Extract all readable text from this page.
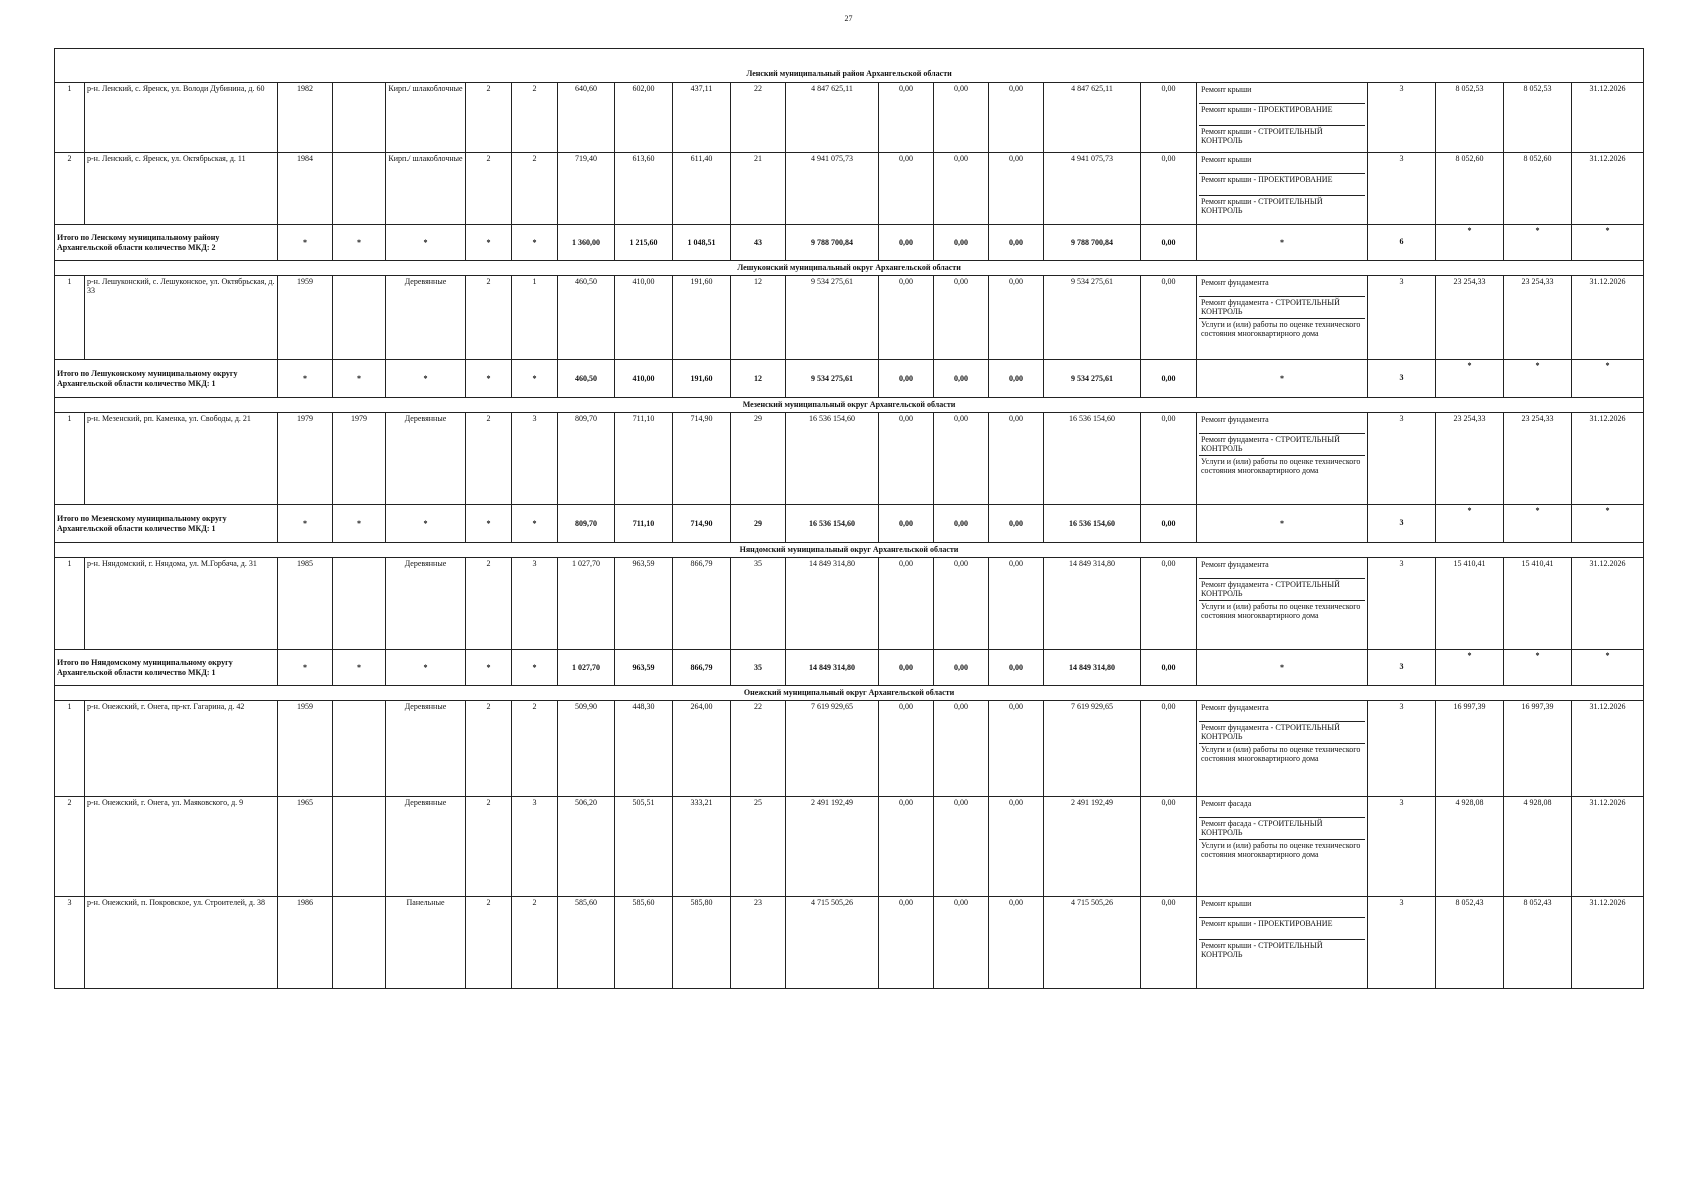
27
Ленский муниципальный район Архангельской области																					
1	р-н. Ленский, с. Яренск, ул. Володи Дубинина, д. 60	1982		Кирп./ шлакоблочные	2	2	640,60	602,00	437,11	22	4 847 625,11	0,00	0,00	0,00	4 847 625,11	0,00	Ремонт крыши
Ремонт крыши - ПРОЕКТИРОВАНИЕ
Ремонт крыши - СТРОИТЕЛЬНЫЙ КОНТРОЛЬ	3	8 052,53	8 052,53	31.12.2026
2	р-н. Ленский, с. Яренск, ул. Октябрьская, д. 11	1984		Кирп./ шлакоблочные	2	2	719,40	613,60	611,40	21	4 941 075,73	0,00	0,00	0,00	4 941 075,73	0,00	Ремонт крыши
Ремонт крыши - ПРОЕКТИРОВАНИЕ
Ремонт крыши - СТРОИТЕЛЬНЫЙ КОНТРОЛЬ	3	8 052,60	8 052,60	31.12.2026
Итого по Ленскому муниципальному району Архангельской области количество МКД: 2		*	*	*	*	*	1 360,00	1 215,60	1 048,51	43	9 788 700,84	0,00	0,00	0,00	9 788 700,84	0,00	*	6	*	*	*
Лешуконский муниципальный округ Архангельской области																					
1	р-н. Лешуконский, с. Лешуконское, ул. Октябрьская, д. 33	1959		Деревянные	2	1	460,50	410,00	191,60	12	9 534 275,61	0,00	0,00	0,00	9 534 275,61	0,00	Ремонт фундамента
Ремонт фундамента - СТРОИТЕЛЬНЫЙ КОНТРОЛЬ
Услуги и (или) работы по оценке технического состояния многоквартирного дома	3	23 254,33	23 254,33	31.12.2026
Итого по Лешуконскому муниципальному округу Архангельской области количество МКД: 1		*	*	*	*	*	460,50	410,00	191,60	12	9 534 275,61	0,00	0,00	0,00	9 534 275,61	0,00	*	3	*	*	*
Мезенский муниципальный округ Архангельской области																					
1	р-н. Мезенский, рп. Каменка, ул. Свободы, д. 21	1979	1979	Деревянные	2	3	809,70	711,10	714,90	29	16 536 154,60	0,00	0,00	0,00	16 536 154,60	0,00	Ремонт фундамента
Ремонт фундамента - СТРОИТЕЛЬНЫЙ КОНТРОЛЬ
Услуги и (или) работы по оценке технического состояния многоквартирного дома	3	23 254,33	23 254,33	31.12.2026
Итого по Мезенскому муниципальному округу Архангельской области количество МКД: 1		*	*	*	*	*	809,70	711,10	714,90	29	16 536 154,60	0,00	0,00	0,00	16 536 154,60	0,00	*	3	*	*	*
Няндомский муниципальный округ Архангельской области																					
1	р-н. Няндомский, г. Няндома, ул. М.Горбача, д. 31	1985		Деревянные	2	3	1 027,70	963,59	866,79	35	14 849 314,80	0,00	0,00	0,00	14 849 314,80	0,00	Ремонт фундамента
Ремонт фундамента - СТРОИТЕЛЬНЫЙ КОНТРОЛЬ
Услуги и (или) работы по оценке технического состояния многоквартирного дома	3	15 410,41	15 410,41	31.12.2026
Итого по Няндомскому муниципальному округу Архангельской области количество МКД: 1		*	*	*	*	*	1 027,70	963,59	866,79	35	14 849 314,80	0,00	0,00	0,00	14 849 314,80	0,00	*	3	*	*	*
Онежский муниципальный округ Архангельской области																					
1	р-н. Онежский, г. Онега, пр-кт. Гагарина, д. 42	1959		Деревянные	2	2	509,90	448,30	264,00	22	7 619 929,65	0,00	0,00	0,00	7 619 929,65	0,00	Ремонт фундамента
Ремонт фундамента - СТРОИТЕЛЬНЫЙ КОНТРОЛЬ
Услуги и (или) работы по оценке технического состояния многоквартирного дома	3	16 997,39	16 997,39	31.12.2026
2	р-н. Онежский, г. Онега, ул. Маяковского, д. 9	1965		Деревянные	2	3	506,20	505,51	333,21	25	2 491 192,49	0,00	0,00	0,00	2 491 192,49	0,00	Ремонт фасада
Ремонт фасада - СТРОИТЕЛЬНЫЙ КОНТРОЛЬ
Услуги и (или) работы по оценке технического состояния многоквартирного дома	3	4 928,08	4 928,08	31.12.2026
3	р-н. Онежский, п. Покровское, ул. Строителей, д. 38	1986		Панельные	2	2	585,60	585,60	585,80	23	4 715 505,26	0,00	0,00	0,00	4 715 505,26	0,00	Ремонт крыши
Ремонт крыши - ПРОЕКТИРОВАНИЕ
Ремонт крыши - СТРОИТЕЛЬНЫЙ КОНТРОЛЬ	3	8 052,43	8 052,43	31.12.2026
